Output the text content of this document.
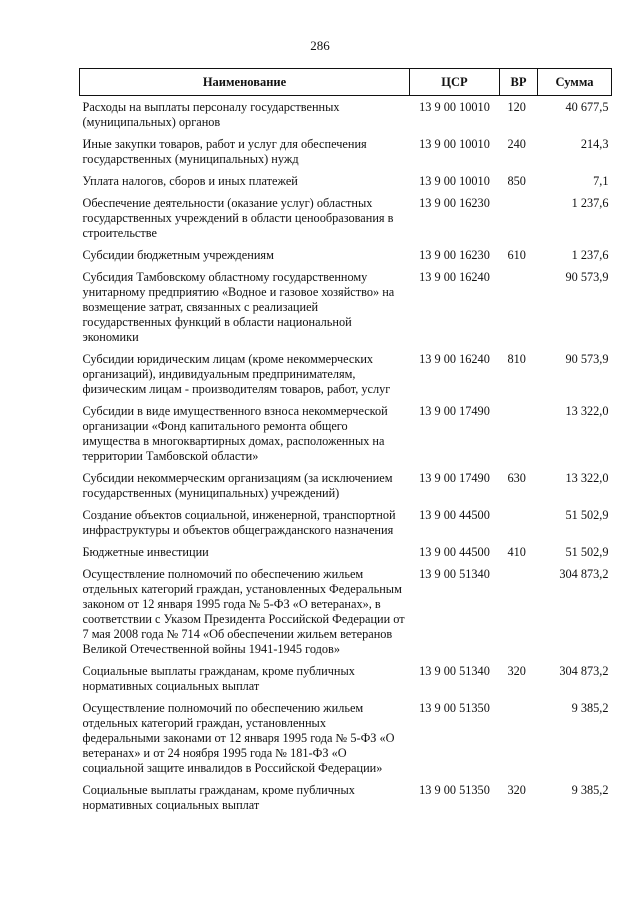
286
Наименование	ЦСР	ВР	Сумма
Расходы на выплаты персоналу государственных (муниципальных) органов	13 9 00 10010	120	40 677,5
Иные закупки товаров, работ и услуг для обеспечения государственных (муниципальных) нужд	13 9 00 10010	240	214,3
Уплата налогов, сборов и иных платежей	13 9 00 10010	850	7,1
Обеспечение деятельности (оказание услуг) областных государственных учреждений в области ценообразования в строительстве	13 9 00 16230		1 237,6
Субсидии бюджетным учреждениям	13 9 00 16230	610	1 237,6
Субсидия Тамбовскому областному государственному унитарному предприятию «Водное и газовое хозяйство» на возмещение затрат, связанных с реализацией государственных функций в области национальной экономики	13 9 00 16240		90 573,9
Субсидии юридическим лицам (кроме некоммерческих организаций), индивидуальным предпринимателям, физическим лицам - производителям товаров, работ, услуг	13 9 00 16240	810	90 573,9
Субсидии в виде имущественного взноса некоммерческой организации «Фонд капитального ремонта общего имущества в многоквартирных домах, расположенных на территории Тамбовской области»	13 9 00 17490		13 322,0
Субсидии некоммерческим организациям (за исключением государственных (муниципальных) учреждений)	13 9 00 17490	630	13 322,0
Создание объектов социальной, инженерной, транспортной инфраструктуры и объектов общегражданского назначения	13 9 00 44500		51 502,9
Бюджетные инвестиции	13 9 00 44500	410	51 502,9
Осуществление полномочий по обеспечению жильем отдельных категорий граждан, установленных Федеральным законом от 12 января 1995 года № 5-ФЗ «О ветеранах», в соответствии с Указом Президента Российской Федерации от 7 мая 2008 года № 714 «Об обеспечении жильем ветеранов Великой Отечественной войны 1941-1945 годов»	13 9 00 51340		304 873,2
Социальные выплаты гражданам, кроме публичных нормативных социальных выплат	13 9 00 51340	320	304 873,2
Осуществление полномочий по обеспечению жильем отдельных категорий граждан, установленных федеральными законами от 12 января 1995 года № 5-ФЗ «О ветеранах» и от 24 ноября 1995 года № 181-ФЗ «О социальной защите инвалидов в Российской Федерации»	13 9 00 51350		9 385,2
Социальные выплаты гражданам, кроме публичных нормативных социальных выплат	13 9 00 51350	320	9 385,2
